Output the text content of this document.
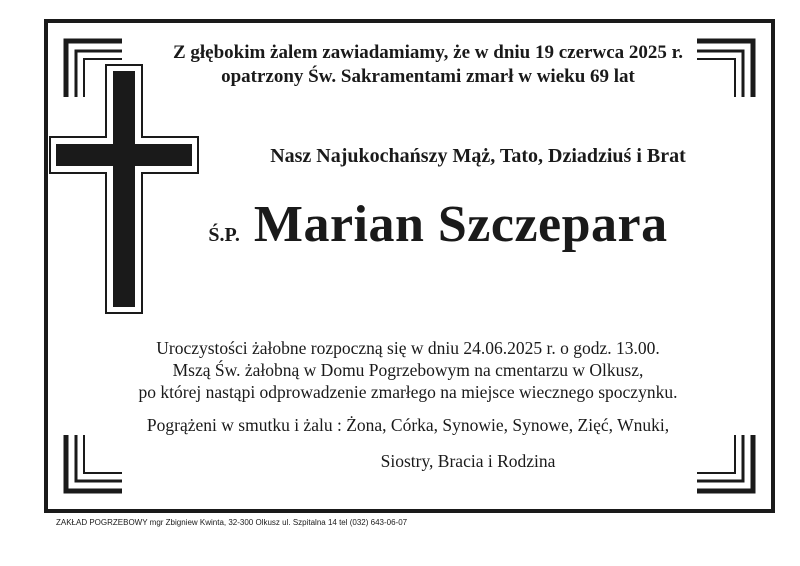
Z głębokim żalem zawiadamiamy, że w dniu 19 czerwca 2025 r.
opatrzony Św. Sakramentami zmarł w wieku 69 lat

Nasz Najukochańszy Mąż, Tato, Dziadziuś i Brat

Ś.P. Marian Szczepara

Uroczystości żałobne rozpoczną się w dniu 24.06.2025 r. o godz. 13.00.
Mszą Św. żałobną w Domu Pogrzebowym na cmentarzu w Olkusz,
po której nastąpi odprowadzenie zmarłego na miejsce wiecznego spoczynku.

Pogrążeni w smutku i żalu : Żona, Córka, Synowie, Synowe, Zięć, Wnuki,

Siostry, Bracia i Rodzina

ZAKŁAD POGRZEBOWY mgr Zbigniew Kwinta, 32-300 Olkusz ul. Szpitalna 14 tel (032) 643-06-07
